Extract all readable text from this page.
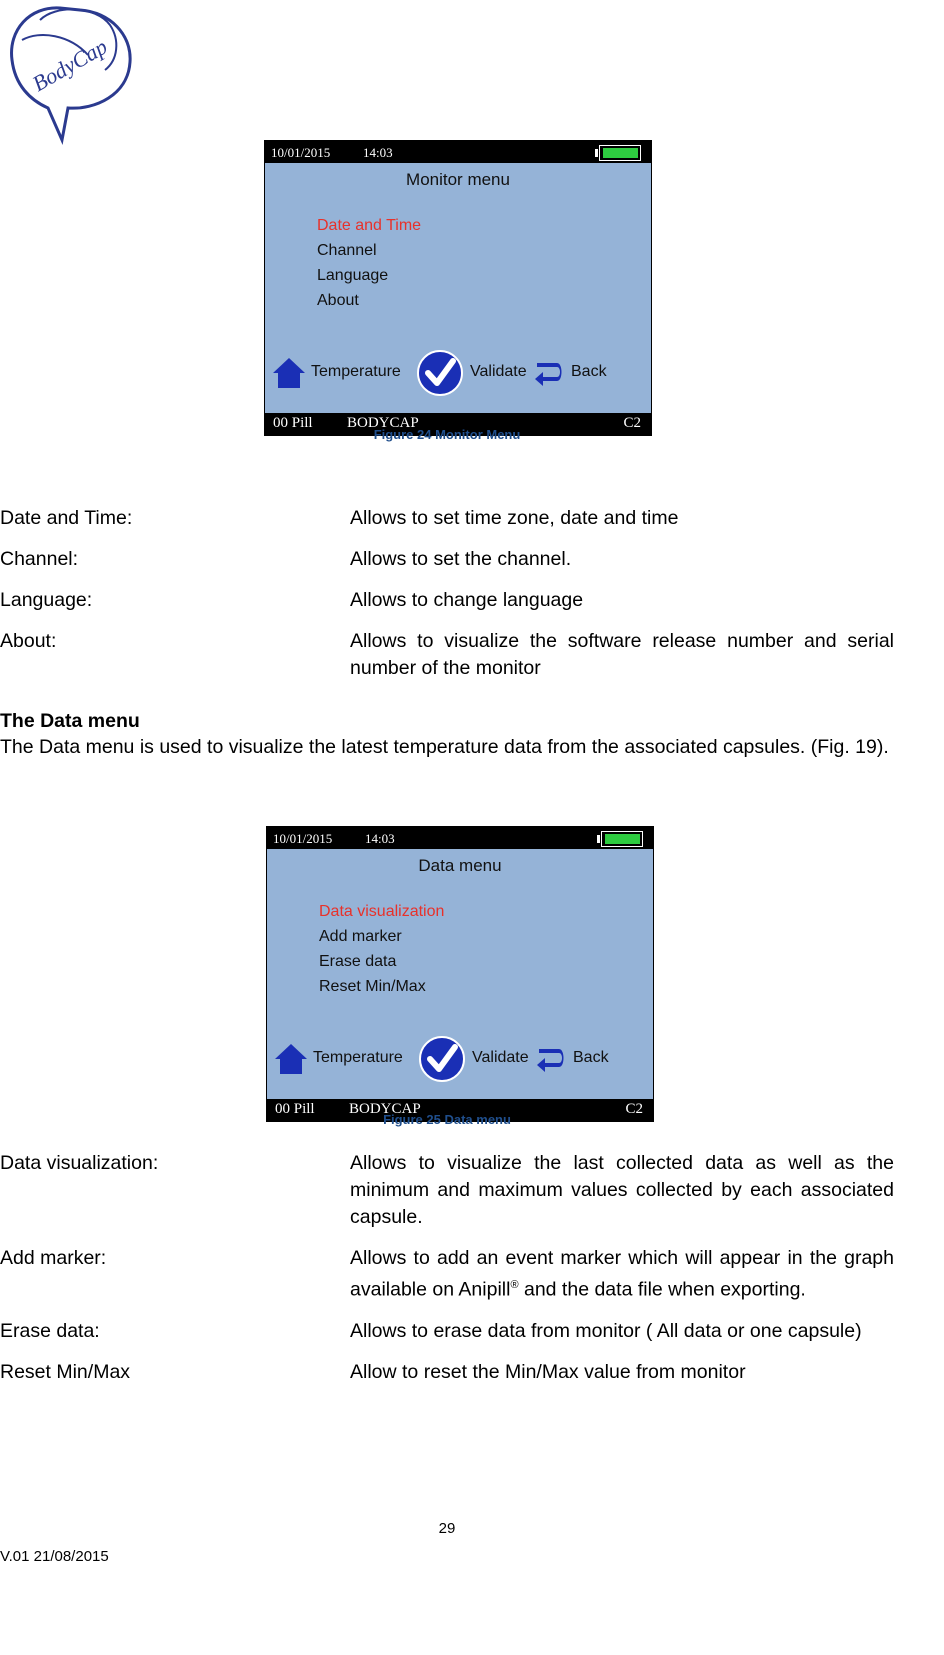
BodyCap
10/01/2015	14:03
Monitor menu
Date and Time
Channel
Language
About
Temperature	Validate	Back
00 Pill BODYCAP	C2
Figure 24 Monitor Menu
Date and Time:	Allows to set time zone, date and time
Channel:	Allows to set the channel.
Language:	Allows to change language
About:	Allows to visualize the software release number and serial number of the monitor
The Data menu
The Data menu is used to visualize the latest temperature data from the associated capsules. (Fig. 19).
10/01/2015	14:03
Data menu
Data visualization
Add marker
Erase data
Reset Min/Max
Temperature	Validate	Back
00 Pill BODYCAP	C2
Figure 25 Data menu
Data visualization:	Allows to visualize the last collected data as well as the minimum and maximum values collected by each associated capsule.
Add marker:	Allows to add an event marker which will appear in the graph available on Anipill® and the data file when exporting.
Erase data:	Allows to erase data from monitor ( All data or one capsule)
Reset Min/Max	Allow to reset the Min/Max value from monitor
29
V.01 21/08/2015
